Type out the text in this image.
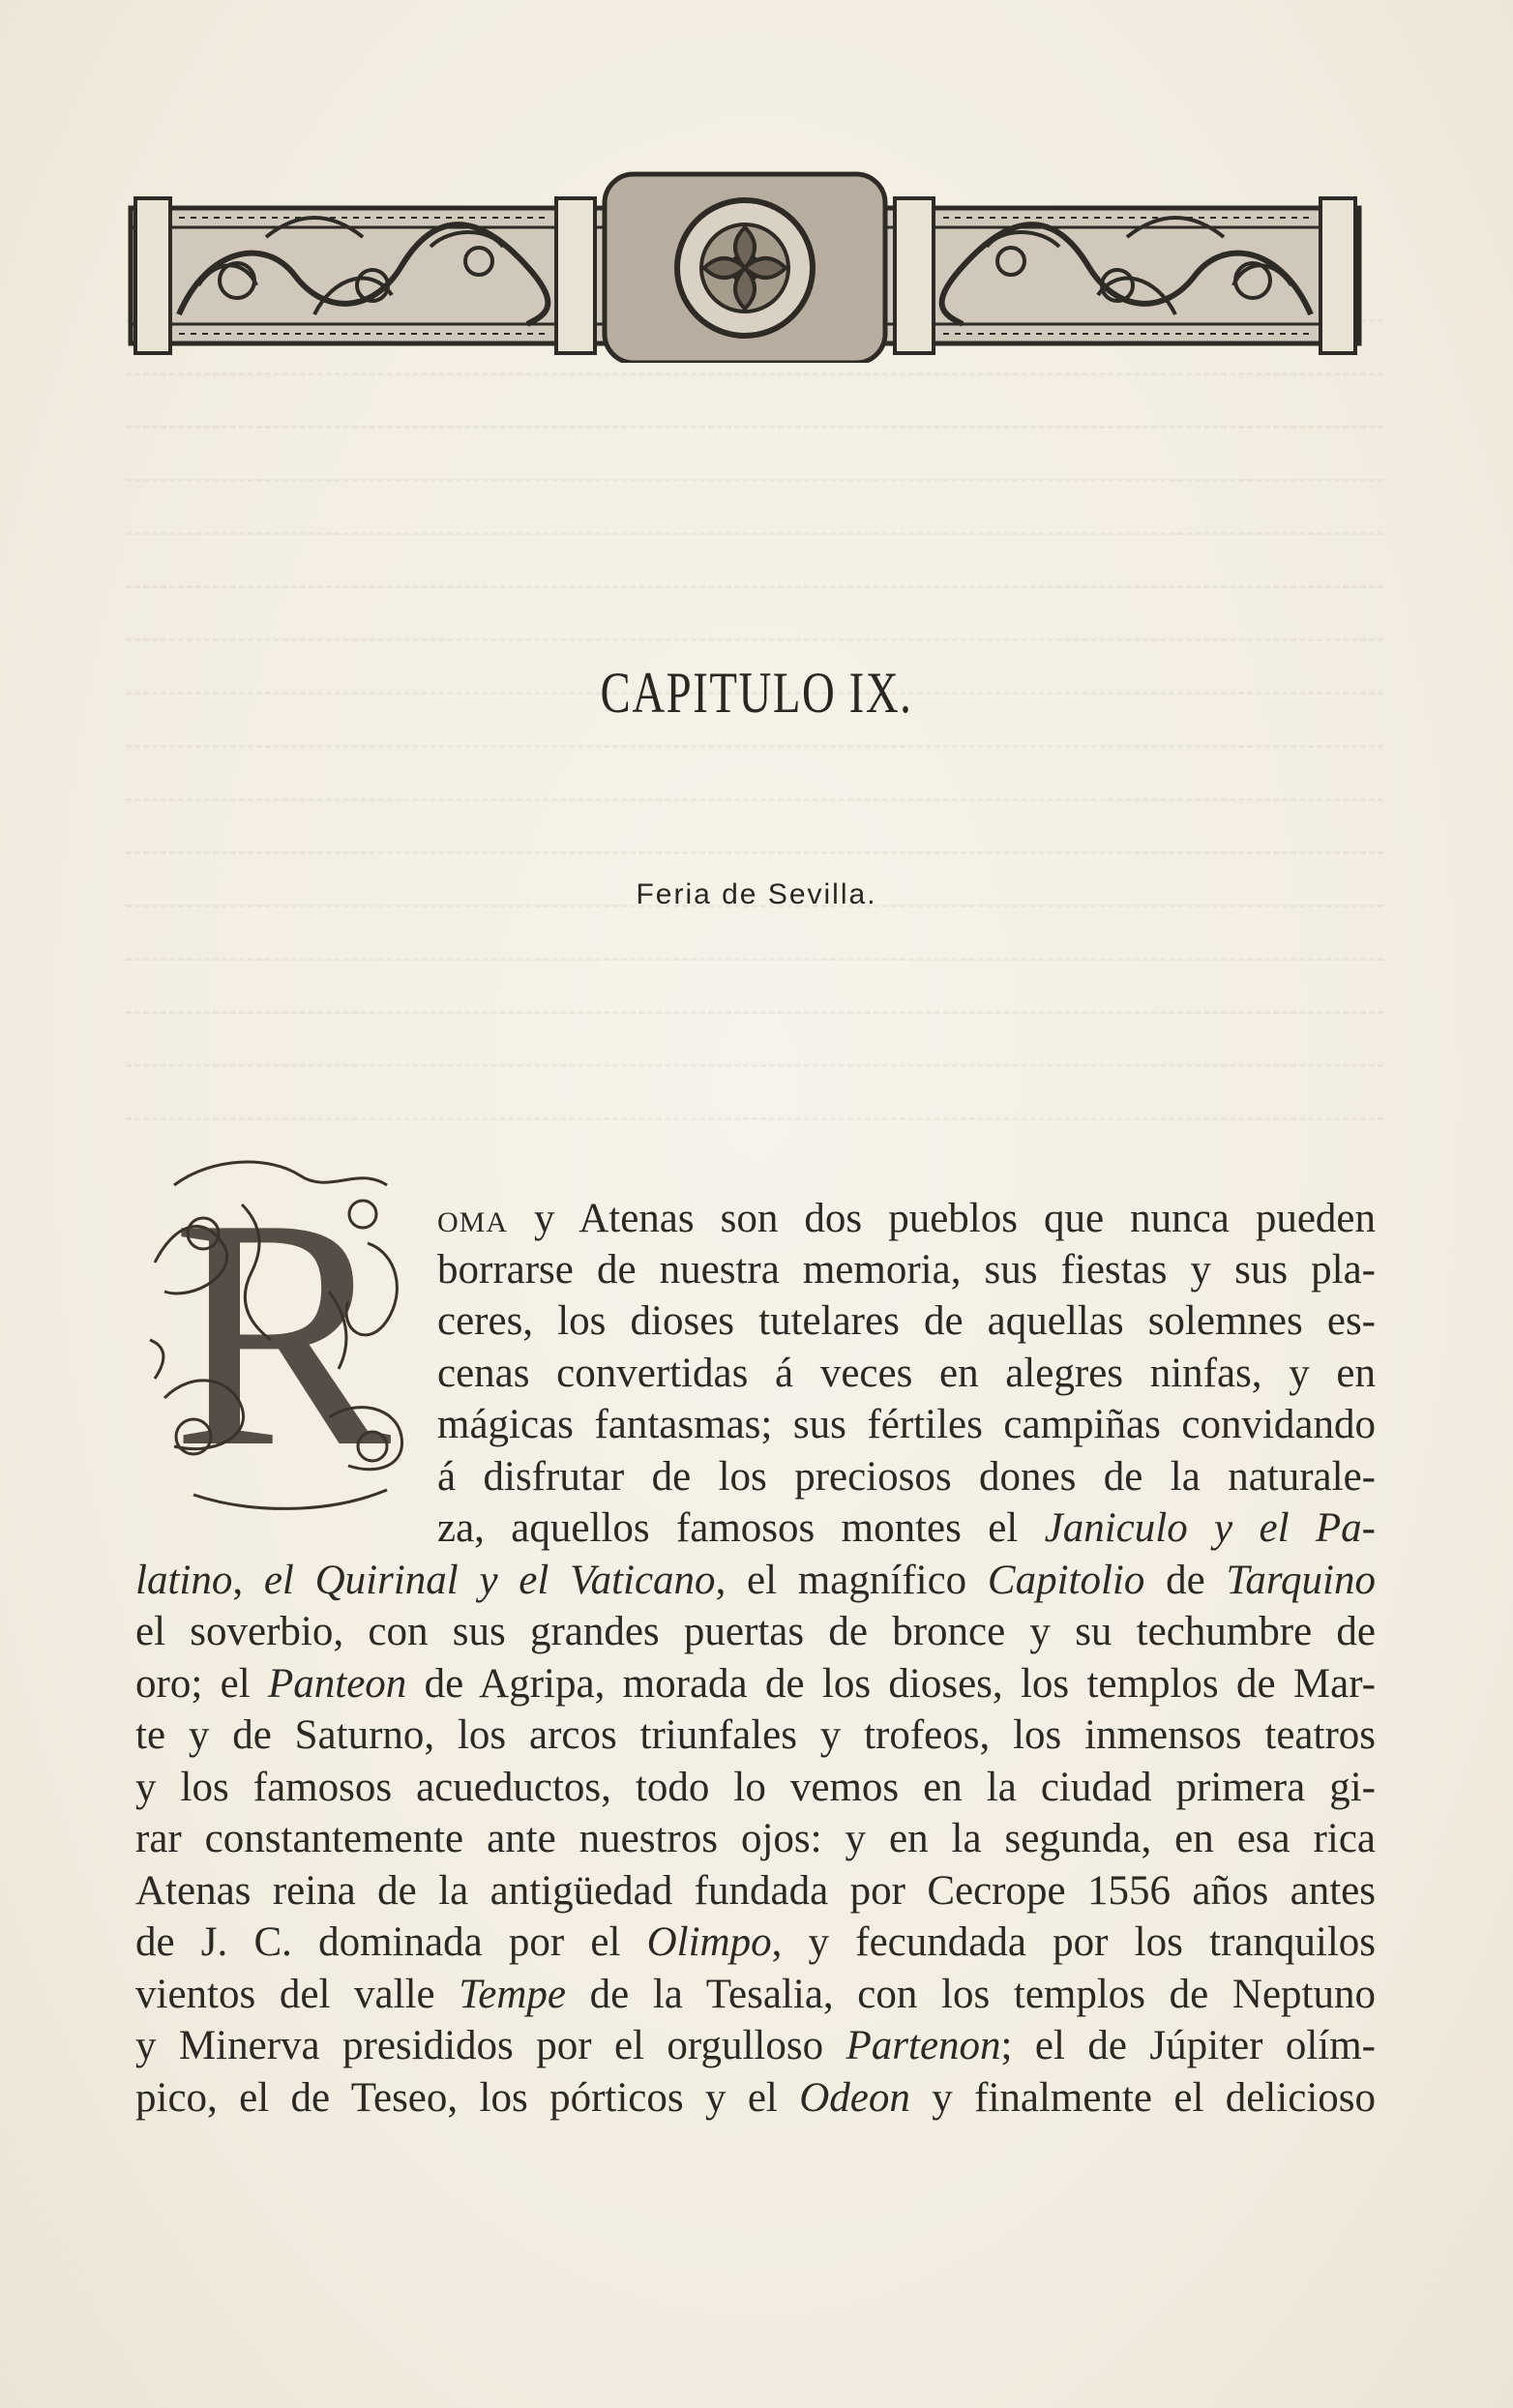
CAPITULO IX.
Feria de Sevilla.
R oma y Atenas son dos pueblos que nunca pueden
borrarse de nuestra memoria, sus fiestas y sus pla-
ceres, los dioses tutelares de aquellas solemnes es-
cenas convertidas á veces en alegres ninfas, y en
mágicas fantasmas; sus fértiles campiñas convidando
á disfrutar de los preciosos dones de la naturale-
za, aquellos famosos montes el Janiculo y el Pa-
latino, el Quirinal y el Vaticano, el magnífico Capitolio de Tarquino
el soverbio, con sus grandes puertas de bronce y su techumbre de
oro; el Panteon de Agripa, morada de los dioses, los templos de Mar-
te y de Saturno, los arcos triunfales y trofeos, los inmensos teatros
y los famosos acueductos, todo lo vemos en la ciudad primera gi-
rar constantemente ante nuestros ojos: y en la segunda, en esa rica
Atenas reina de la antigüedad fundada por Cecrope 1556 años antes
de J. C. dominada por el Olimpo, y fecundada por los tranquilos
vientos del valle Tempe de la Tesalia, con los templos de Neptuno
y Minerva presididos por el orgulloso Partenon; el de Júpiter olím-
pico, el de Teseo, los pórticos y el Odeon y finalmente el delicioso
